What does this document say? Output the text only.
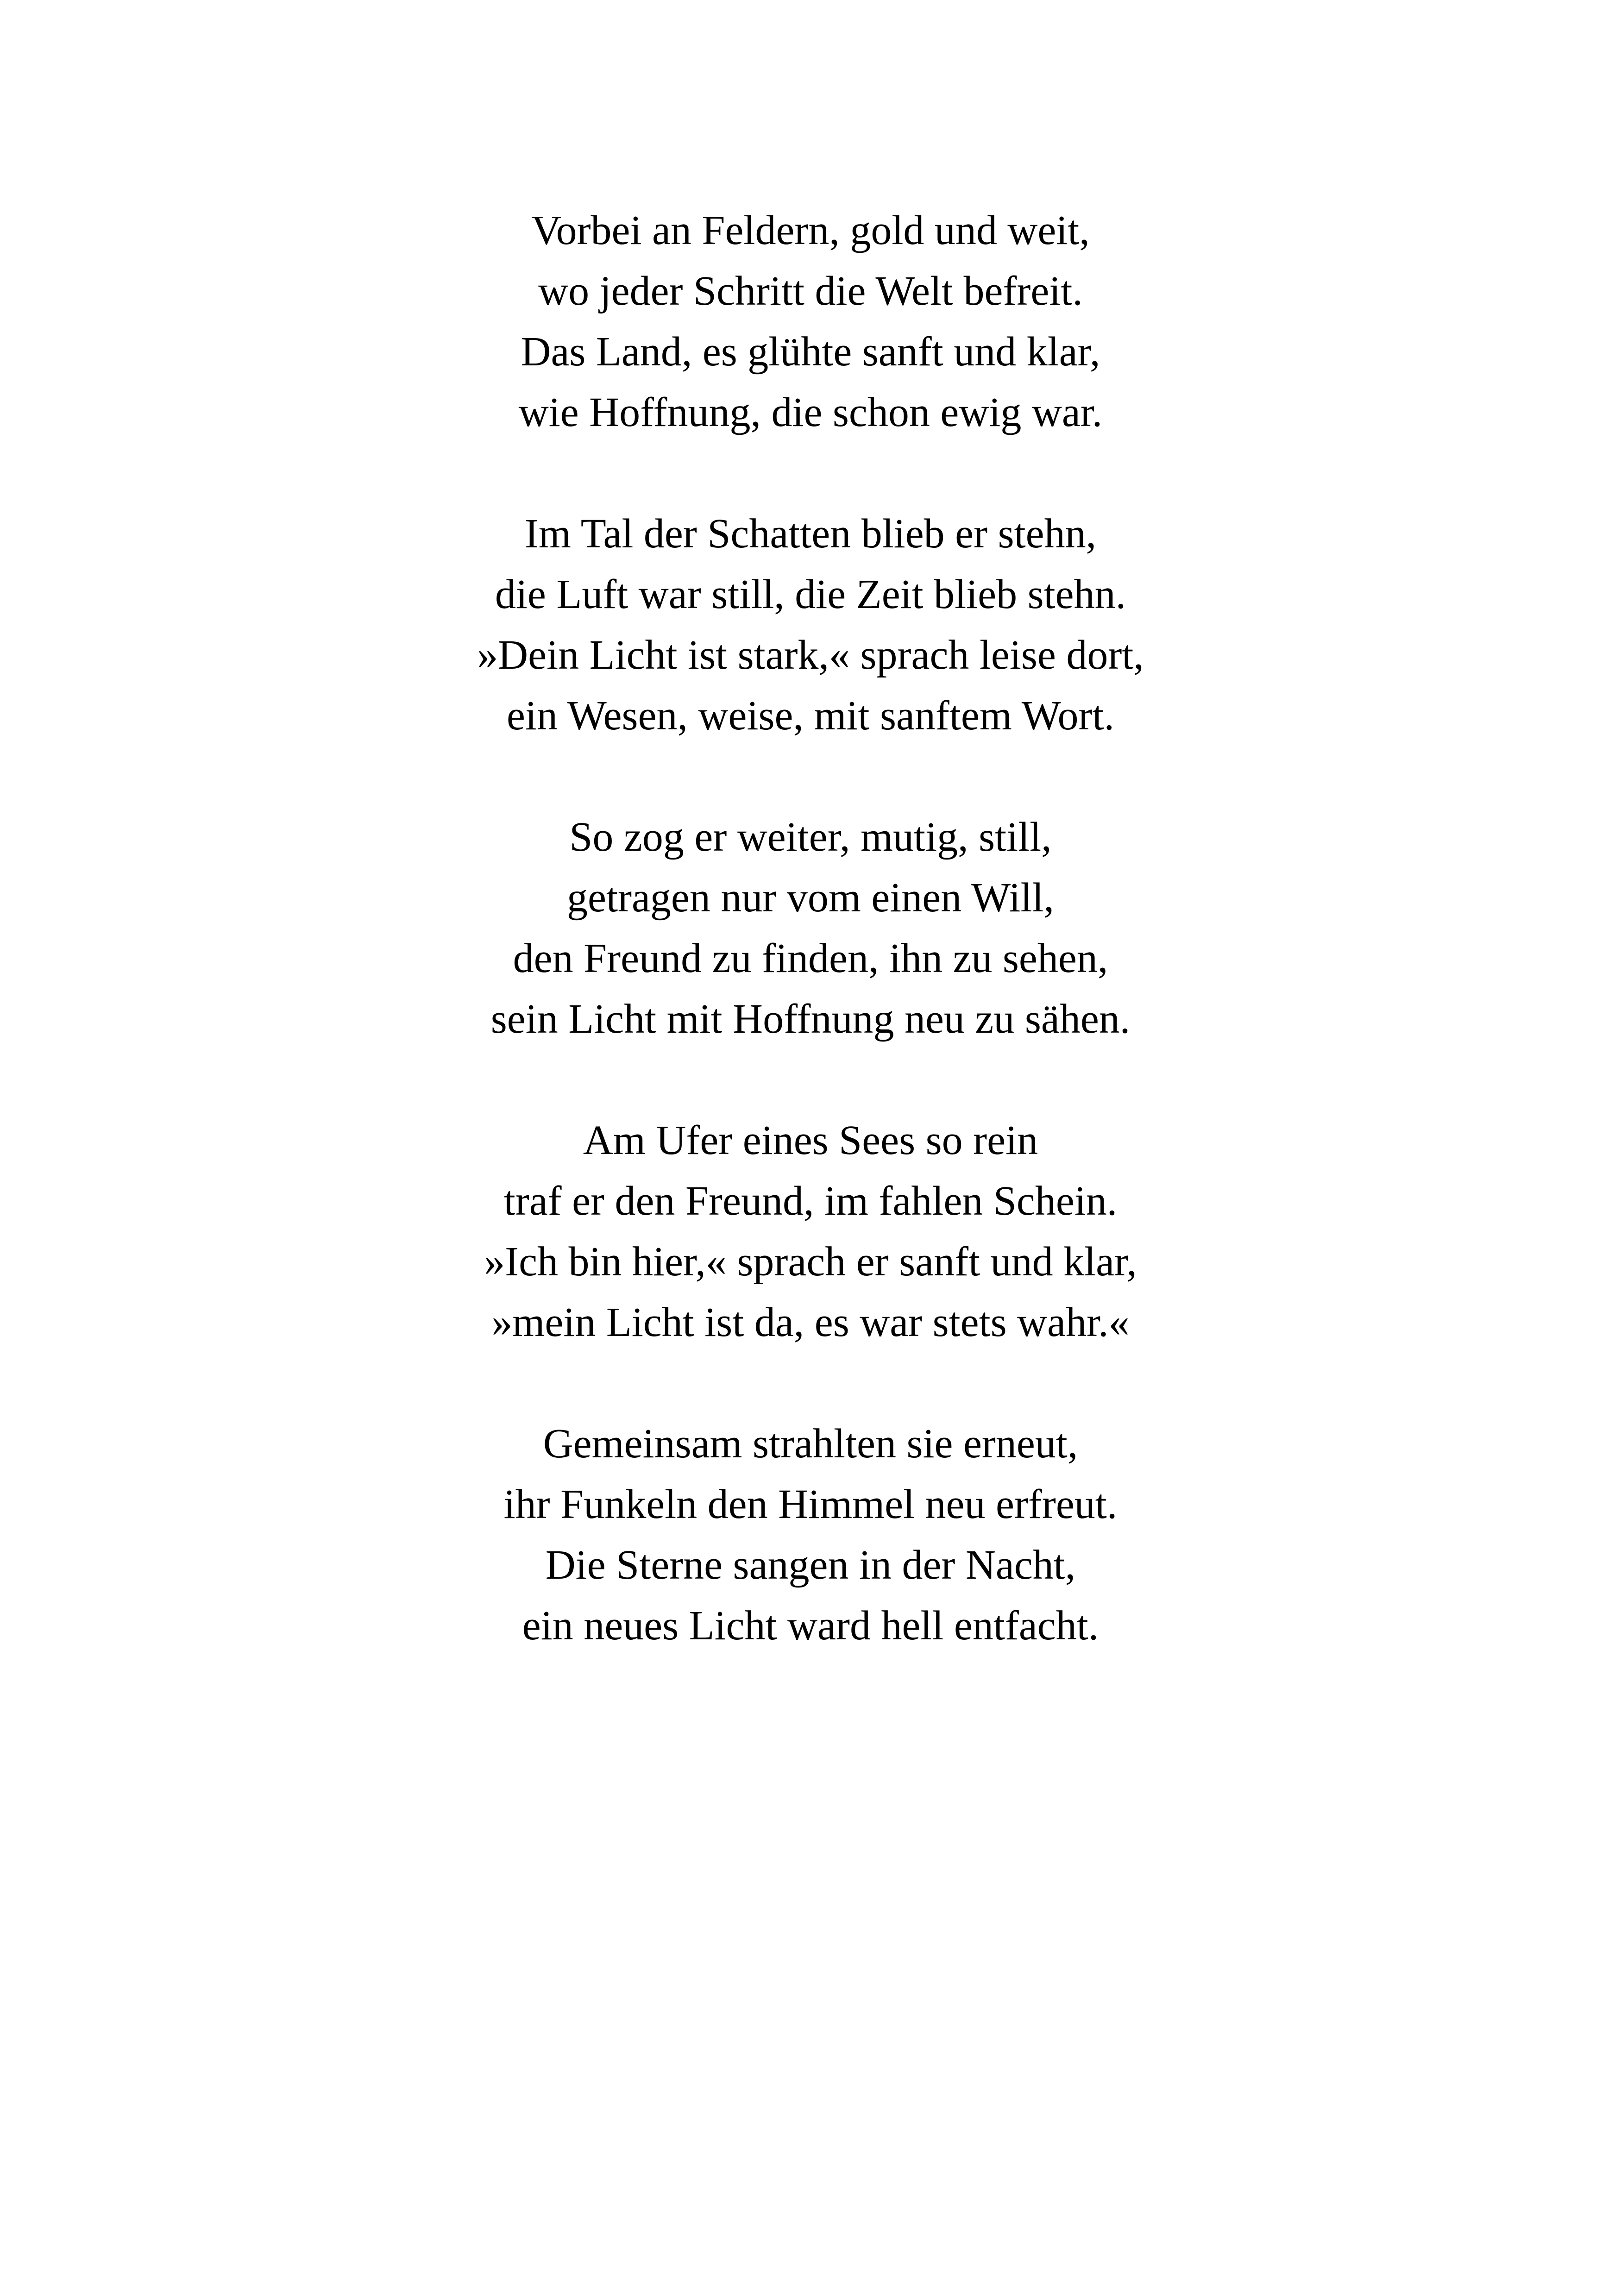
Vorbei an Feldern, gold und weit,
wo jeder Schritt die Welt befreit.
Das Land, es glühte sanft und klar,
wie Hoffnung, die schon ewig war.
Im Tal der Schatten blieb er stehn,
die Luft war still, die Zeit blieb stehn.
»Dein Licht ist stark,« sprach leise dort,
ein Wesen, weise, mit sanftem Wort.
So zog er weiter, mutig, still,
getragen nur vom einen Will,
den Freund zu finden, ihn zu sehen,
sein Licht mit Hoffnung neu zu sähen.
Am Ufer eines Sees so rein
traf er den Freund, im fahlen Schein.
»Ich bin hier,« sprach er sanft und klar,
»mein Licht ist da, es war stets wahr.«
Gemeinsam strahlten sie erneut,
ihr Funkeln den Himmel neu erfreut.
Die Sterne sangen in der Nacht,
ein neues Licht ward hell entfacht.
